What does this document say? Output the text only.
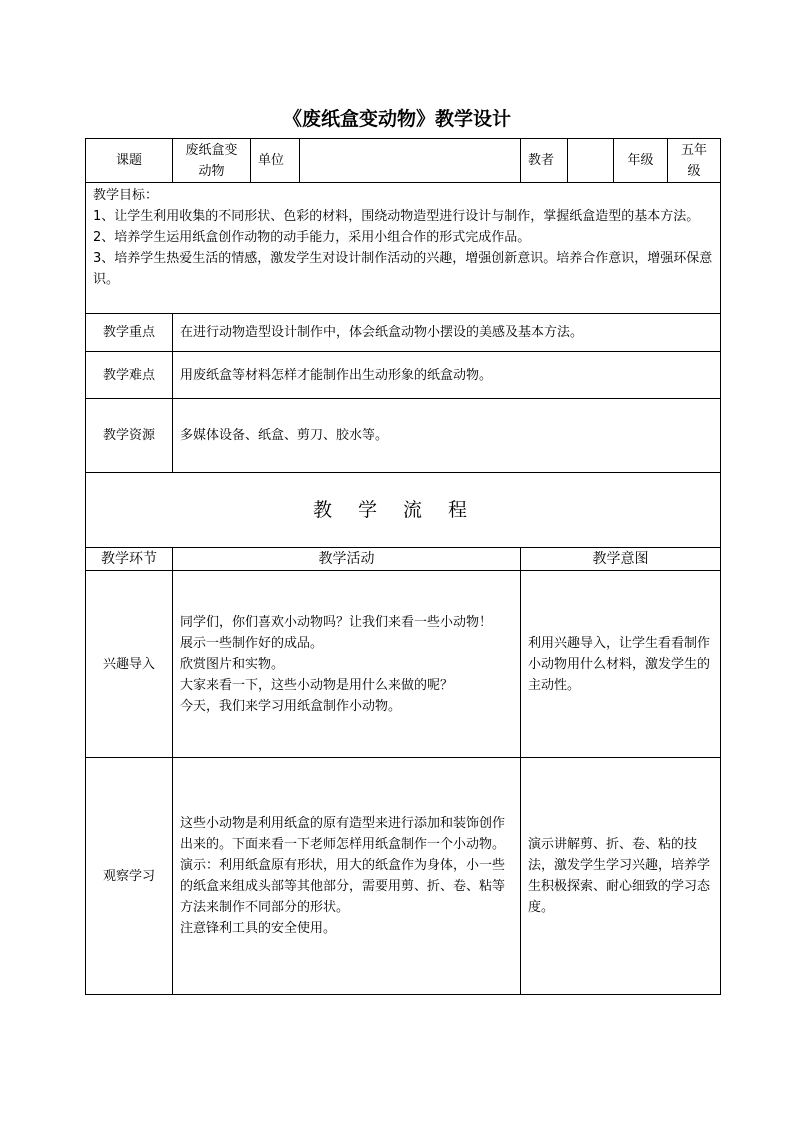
《废纸盒变动物》教学设计
课题	废纸盒变动物	单位		教者		年级	五年级

教学目标：
1、让学生利用收集的不同形状、色彩的材料，围绕动物造型进行设计与制作，掌握纸盒造型的基本方法。
2、培养学生运用纸盒创作动物的动手能力，采用小组合作的形式完成作品。
3、培养学生热爱生活的情感，激发学生对设计制作活动的兴趣，增强创新意识。培养合作意识，增强环保意识。							

教学重点	在进行动物造型设计制作中，体会纸盒动物小摆设的美感及基本方法。						
教学难点	用废纸盒等材料怎样才能制作出生动形象的纸盒动物。						
教学资源	多媒体设备、纸盒、剪刀、胶水等。						
教学流程							
教学环节	教学活动			教学意图			
兴趣导入	同学们，你们喜欢小动物吗？让我们来看一些小动物！

展示一些制作好的成品。

欣赏图片和实物。

大家来看一下，这些小动物是用什么来做的呢？

今天，我们来学习用纸盒制作小动物。			利用兴趣导入，让学生看看制作小动物用什么材料，激发学生的主动性。			

观察学习	这些小动物是利用纸盒的原有造型来进行添加和装饰创作出来的。下面来看一下老师怎样用纸盒制作一个小动物。

演示：利用纸盒原有形状，用大的纸盒作为身体，小一些的纸盒来组成头部等其他部分，需要用剪、折、卷、粘等方法来制作不同部分的形状。

注意锋利工具的安全使用。			演示讲解剪、折、卷、粘的技法，激发学生学习兴趣，培养学生积极探索、耐心细致的学习态度。			
